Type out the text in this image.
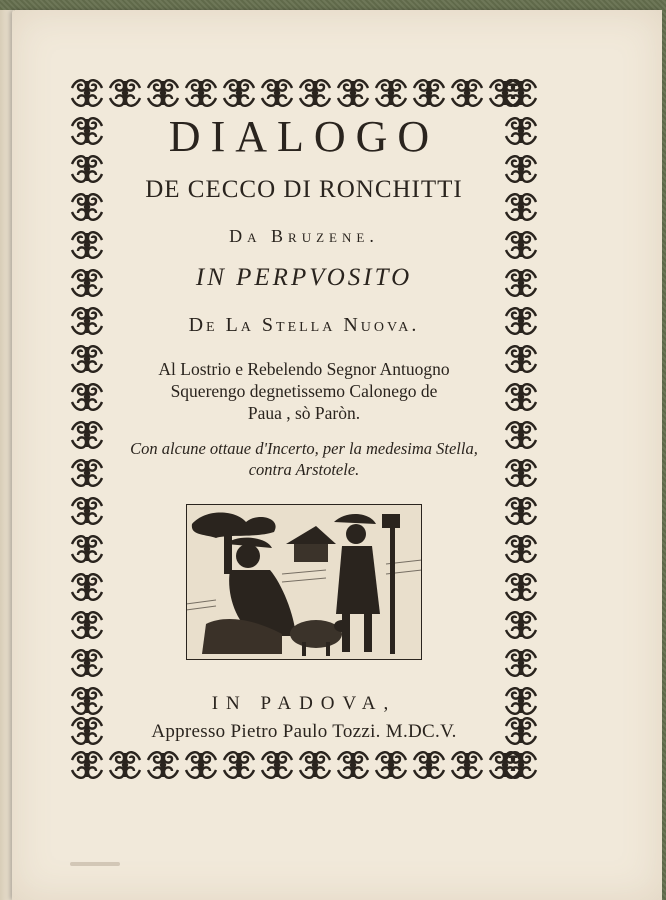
DIALOGO
DE CECCO DI RONCHITTI
Da Bruzene.
IN PERPVOSITO
De La Stella Nuova.
Al Lostrio e Rebelendo Segnor Antuogno
Squerengo degnetissemo Calonego de
Paua , sò Paròn.
Con alcune ottaue d'Incerto, per la medesima Stella,
contra Arstotele.
IN PADOVA,
Appresso Pietro Paulo Tozzi. M.DC.V.
